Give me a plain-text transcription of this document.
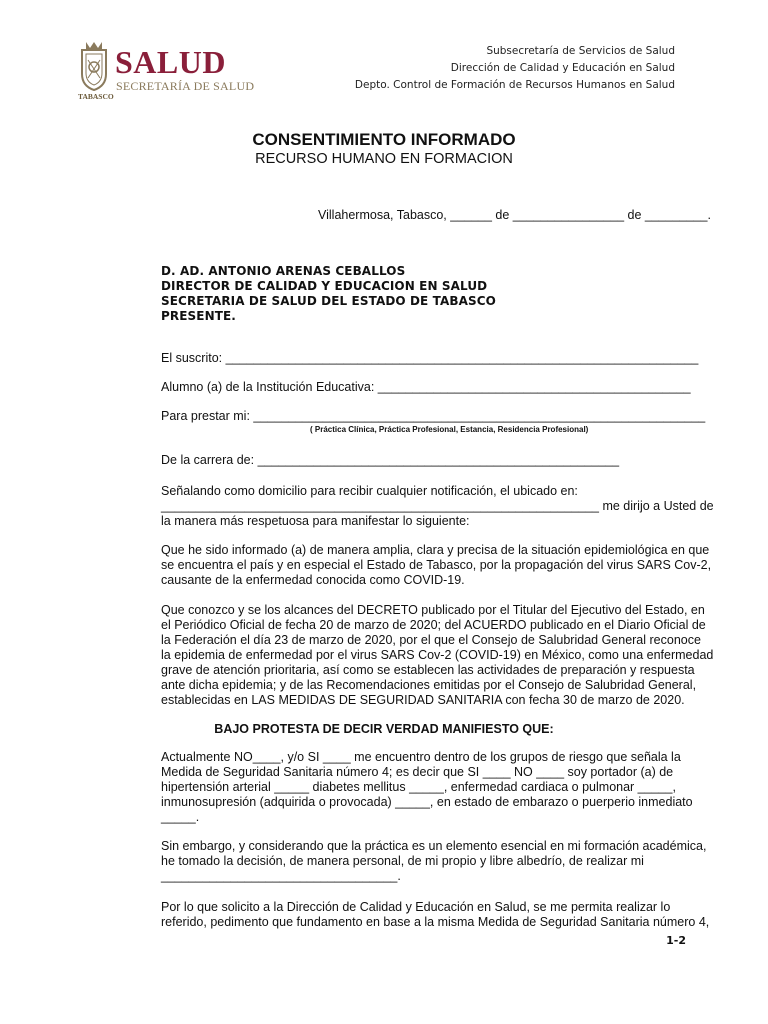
SALUD
SECRETARÍA DE SALUD
TABASCO
Subsecretaría de Servicios de Salud
Dirección de Calidad y Educación en Salud
Depto. Control de Formación de Recursos Humanos en Salud
CONSENTIMIENTO INFORMADO
RECURSO HUMANO EN FORMACION
Villahermosa, Tabasco, ______ de ________________ de _________.
D. AD. ANTONIO ARENAS CEBALLOS
DIRECTOR DE CALIDAD Y EDUCACION EN SALUD
SECRETARIA DE SALUD DEL ESTADO DE TABASCO
PRESENTE.
El suscrito: ____________________________________________________________________
Alumno (a) de la Institución Educativa: _____________________________________________
Para prestar mi: _________________________________________________________________
( Práctica Clínica, Práctica Profesional, Estancia, Residencia Profesional)
De la carrera de: ____________________________________________________
Señalando como domicilio para recibir cualquier notificación, el ubicado en:
_______________________________________________________________ me dirijo a Usted de
la manera más respetuosa para manifestar lo siguiente:
Que he sido informado (a) de manera amplia, clara y precisa de la situación epidemiológica en que
se encuentra el país y en especial el Estado de Tabasco, por la propagación del virus SARS Cov-2,
causante de la enfermedad conocida como COVID-19.
Que conozco y se los alcances del DECRETO publicado por el Titular del Ejecutivo del Estado, en
el Periódico Oficial de fecha 20 de marzo de 2020; del ACUERDO publicado en el Diario Oficial de
la Federación el día 23 de marzo de 2020, por el que el Consejo de Salubridad General reconoce
la epidemia de enfermedad por el virus SARS Cov-2 (COVID-19) en México, como una enfermedad
grave de atención prioritaria, así como se establecen las actividades de preparación y respuesta
ante dicha epidemia; y de las Recomendaciones emitidas por el Consejo de Salubridad General,
establecidas en LAS MEDIDAS DE SEGURIDAD SANITARIA con fecha 30 de marzo de 2020.
BAJO PROTESTA DE DECIR VERDAD MANIFIESTO QUE:
Actualmente NO____, y/o SI ____ me encuentro dentro de los grupos de riesgo que señala la
Medida de Seguridad Sanitaria número 4; es decir que SI ____ NO ____ soy portador (a) de
hipertensión arterial _____ diabetes mellitus _____, enfermedad cardiaca o pulmonar _____,
inmunosupresión (adquirida o provocada) _____, en estado de embarazo o puerperio inmediato
_____.
Sin embargo, y considerando que la práctica es un elemento esencial en mi formación académica,
he tomado la decisión, de manera personal, de mi propio y libre albedrío, de realizar mi
__________________________________.
Por lo que solicito a la Dirección de Calidad y Educación en Salud, se me permita realizar lo
referido, pedimento que fundamento en base a la misma Medida de Seguridad Sanitaria número 4,
1-2
